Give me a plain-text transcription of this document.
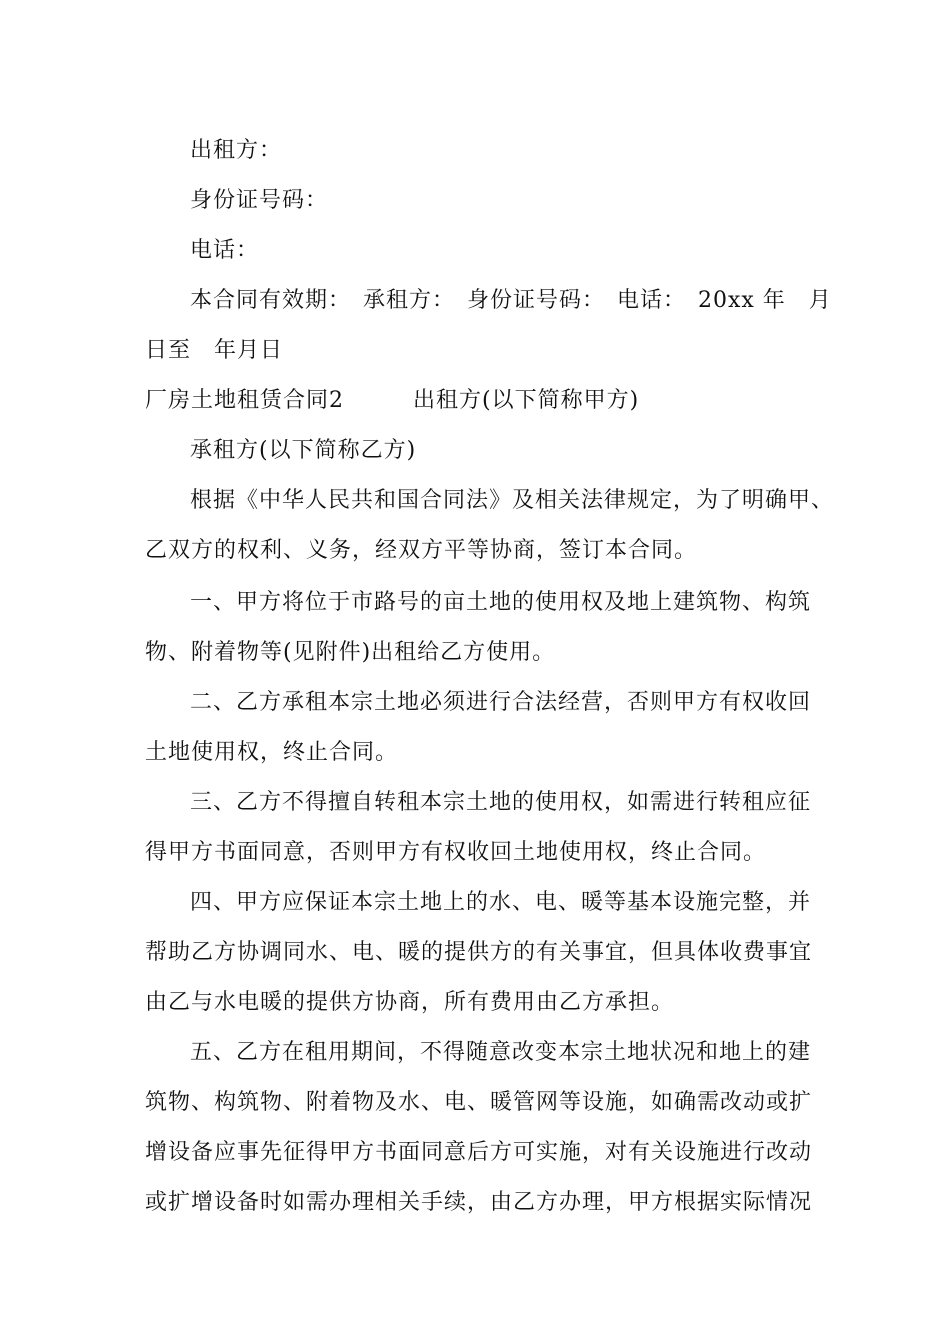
出租方：
身份证号码：
电话：
本合同有效期：　承租方：　身份证号码：　电话：　20xx 年　月
日至　年月日
厂房土地租赁合同2　　　出租方(以下简称甲方)
承租方(以下简称乙方)
根据《中华人民共和国合同法》及相关法律规定，为了明确甲、
乙双方的权利、义务，经双方平等协商，签订本合同。
一、甲方将位于市路号的亩土地的使用权及地上建筑物、构筑
物、附着物等(见附件)出租给乙方使用。
二、乙方承租本宗土地必须进行合法经营，否则甲方有权收回
土地使用权，终止合同。
三、乙方不得擅自转租本宗土地的使用权，如需进行转租应征
得甲方书面同意，否则甲方有权收回土地使用权，终止合同。
四、甲方应保证本宗土地上的水、电、暖等基本设施完整，并
帮助乙方协调同水、电、暖的提供方的有关事宜，但具体收费事宜
由乙与水电暖的提供方协商，所有费用由乙方承担。
五、乙方在租用期间，不得随意改变本宗土地状况和地上的建
筑物、构筑物、附着物及水、电、暖管网等设施，如确需改动或扩
增设备应事先征得甲方书面同意后方可实施，对有关设施进行改动
或扩增设备时如需办理相关手续，由乙方办理，甲方根据实际情况
